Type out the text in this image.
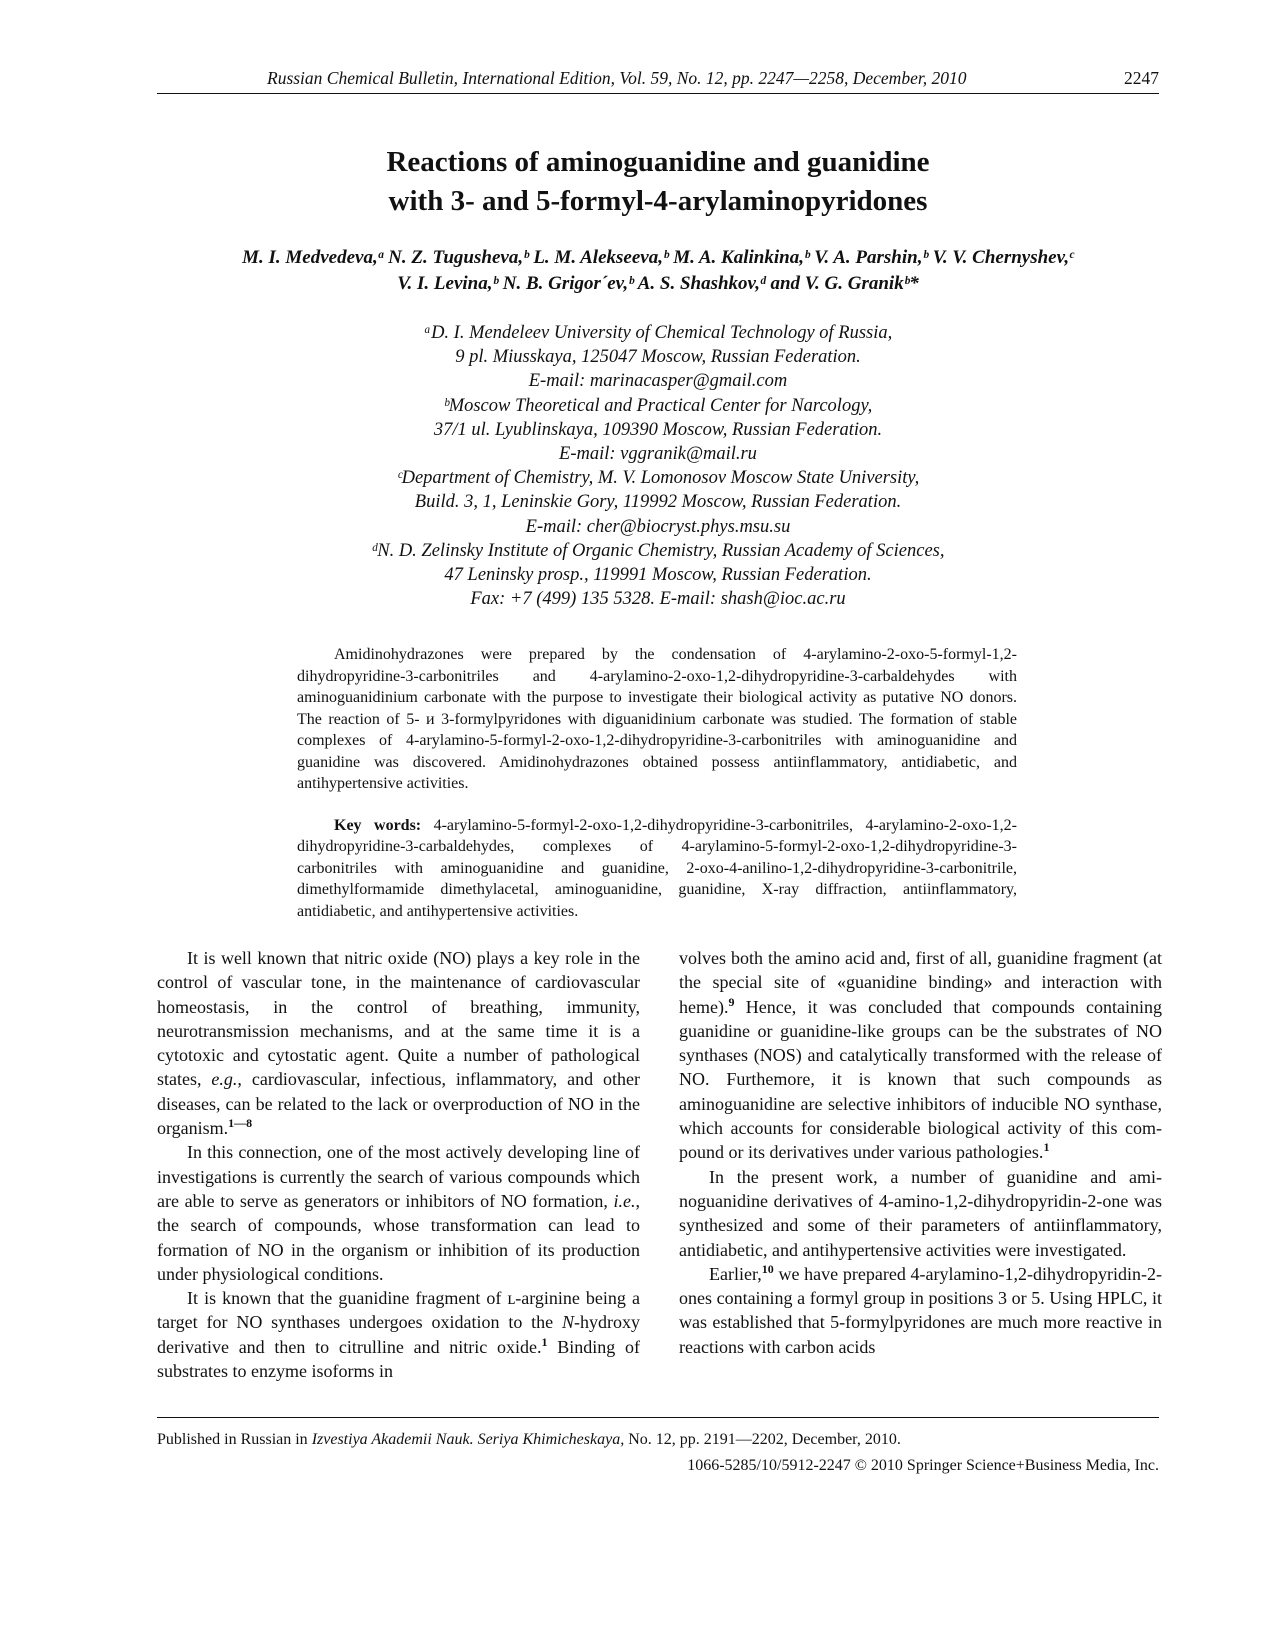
Russian Chemical Bulletin, International Edition, Vol. 59, No. 12, pp. 2247—2258, December, 2010	2247

Reactions of aminoguanidine and guanidine
with 3- and 5-formyl-4-arylaminopyridones
M. I. Medvedeva,ᵃ N. Z. Tugusheva,ᵇ L. M. Alekseeva,ᵇ M. A. Kalinkina,ᵇ V. A. Parshin,ᵇ V. V. Chernyshev,ᶜ
V. I. Levina,ᵇ N. B. Grigor´ev,ᵇ A. S. Shashkov,ᵈ and V. G. Granikᵇ*
ᵃD. I. Mendeleev University of Chemical Technology of Russia,
9 pl. Miusskaya, 125047 Moscow, Russian Federation.
E-mail: marinacasper@gmail.com
ᵇMoscow Theoretical and Practical Center for Narcology,
37/1 ul. Lyublinskaya, 109390 Moscow, Russian Federation.
E-mail: vggranik@mail.ru
ᶜDepartment of Chemistry, M. V. Lomonosov Moscow State University,
Build. 3, 1, Leninskie Gory, 119992 Moscow, Russian Federation.
E-mail: cher@biocryst.phys.msu.su
ᵈN. D. Zelinsky Institute of Organic Chemistry, Russian Academy of Sciences,
47 Leninsky prosp., 119991 Moscow, Russian Federation.
Fax: +7 (499) 135 5328. E-mail: shash@ioc.ac.ru

Amidinohydrazones were prepared by the condensation of 4-arylamino-2-oxo-5-formyl-1,2-dihydropyridine-3-carbonitriles and 4-arylamino-2-oxo-1,2-dihydropyridine-3-carbaldehydes with aminoguanidinium carbonate with the purpose to investigate their biological activity as putative NO donors. The reaction of 5- и 3-formylpyridones with diguanidinium carbonate was studied. The formation of stable complexes of 4-arylamino-5-formyl-2-oxo-1,2-dihydropyridine-3-carbonitriles with aminoguanidine and guanidine was discovered. Amidinohydrazones obtained possess antiinflammatory, antidiabetic, and antihypertensive activities.

Key words: 4-arylamino-5-formyl-2-oxo-1,2-dihydropyridine-3-carbonitriles, 4-arylamino-2-oxo-1,2-dihydropyridine-3-carbaldehydes, complexes of 4-arylamino-5-formyl-2-oxo-1,2-dihydropyridine-3-carbonitriles with aminoguanidine and guanidine, 2-oxo-4-anilino-1,2-dihydropyridine-3-carbonitrile, dimethylformamide dimethylacetal, aminoguanidine, guanidine, X-ray diffraction, antiinflammatory, antidiabetic, and antihypertensive activities.

It is well known that nitric oxide (NO) plays a key role in the control of vascular tone, in the maintenance of cardiovascular homeostasis, in the control of breathing, immunity, neurotransmission mechanisms, and at the same time it is a cytotoxic and cytostatic agent. Quite a number of pathological states, e.g., cardiovascular, infectious, inflammatory, and other diseases, can be related to the lack or overproduction of NO in the organism.$^{1—8}$

In this connection, one of the most actively developing line of investigations is currently the search of various compounds which are able to serve as generators or inhibitors of NO formation, i.e., the search of compounds, whose transformation can lead to formation of NO in the organism or inhibition of its production under physiological conditions.

It is known that the guanidine fragment of ʟ-arginine being a target for NO synthases undergoes oxidation to the N-hydroxy derivative and then to citrulline and nitric oxide.$^1$ Binding of substrates to enzyme isoforms in

volves both the amino acid and, first of all, guanidine fragment (at the special site of «guanidine binding» and interaction with heme).$^9$ Hence, it was concluded that compounds containing guanidine or guanidine-like groups can be the substrates of NO synthases (NOS) and catalytically transformed with the release of NO. Furthemore, it is known that such compounds as aminoguanidine are selective inhibitors of inducible NO synthase, which accounts for considerable biological activity of this compound or its derivatives under various pathologies.$^1$

In the present work, a number of guanidine and aminoguanidine derivatives of 4-amino-1,2-dihydropyridin-2-one was synthesized and some of their parameters of antiinflammatory, antidiabetic, and antihypertensive activities were investigated.

Earlier,$^{10}$ we have prepared 4-arylamino-1,2-dihydropyridin-2-ones containing a formyl group in positions 3 or 5. Using HPLC, it was established that 5-formylpyridones are much more reactive in reactions with carbon acids

Published in Russian in Izvestiya Akademii Nauk. Seriya Khimicheskaya, No. 12, pp. 2191—2202, December, 2010.
1066-5285/10/5912-2247 © 2010 Springer Science+Business Media, Inc.
